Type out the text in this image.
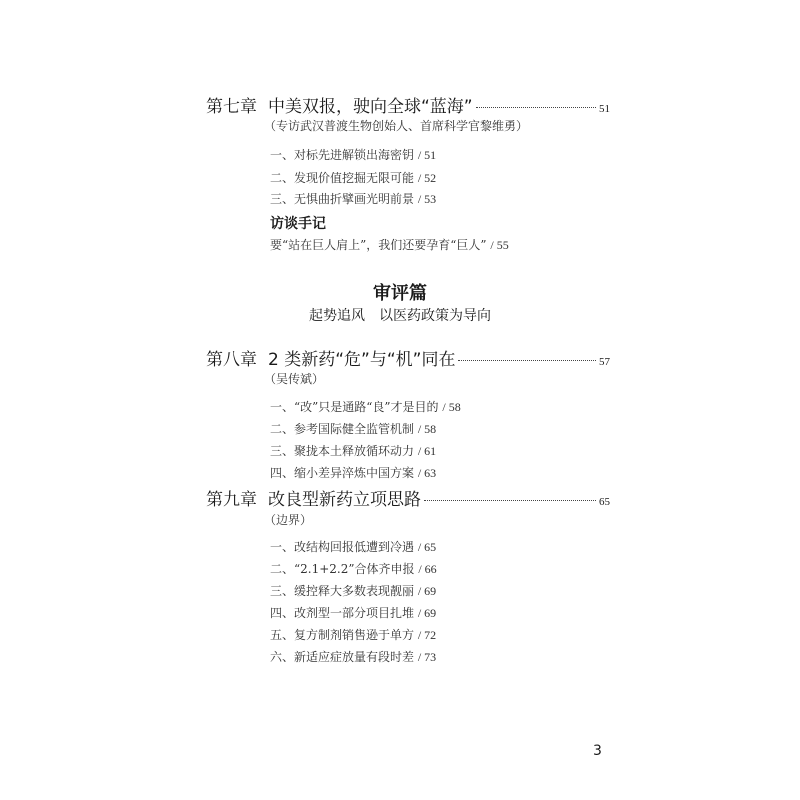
第七章 中美双报，驶向全球“蓝海”	51
（专访武汉普渡生物创始人、首席科学官黎维勇）
一、对标先进解锁出海密钥 / 51
二、发现价值挖掘无限可能 / 52
三、无惧曲折擘画光明前景 / 53
访谈手记
要“站在巨人肩上”，我们还要孕育“巨人” / 55
审评篇
起势追风　以医药政策为导向
第八章 2 类新药“危”与“机”同在	57
（吴传斌）
一、“改”只是通路“良”才是目的 / 58
二、参考国际健全监管机制 / 58
三、聚拢本土释放循环动力 / 61
四、缩小差异淬炼中国方案 / 63
第九章 改良型新药立项思路	65
（边界）
一、改结构回报低遭到冷遇 / 65
二、“2.1+2.2”合体齐申报 / 66
三、缓控释大多数表现靓丽 / 69
四、改剂型一部分项目扎堆 / 69
五、复方制剂销售逊于单方 / 72
六、新适应症放量有段时差 / 73
3
